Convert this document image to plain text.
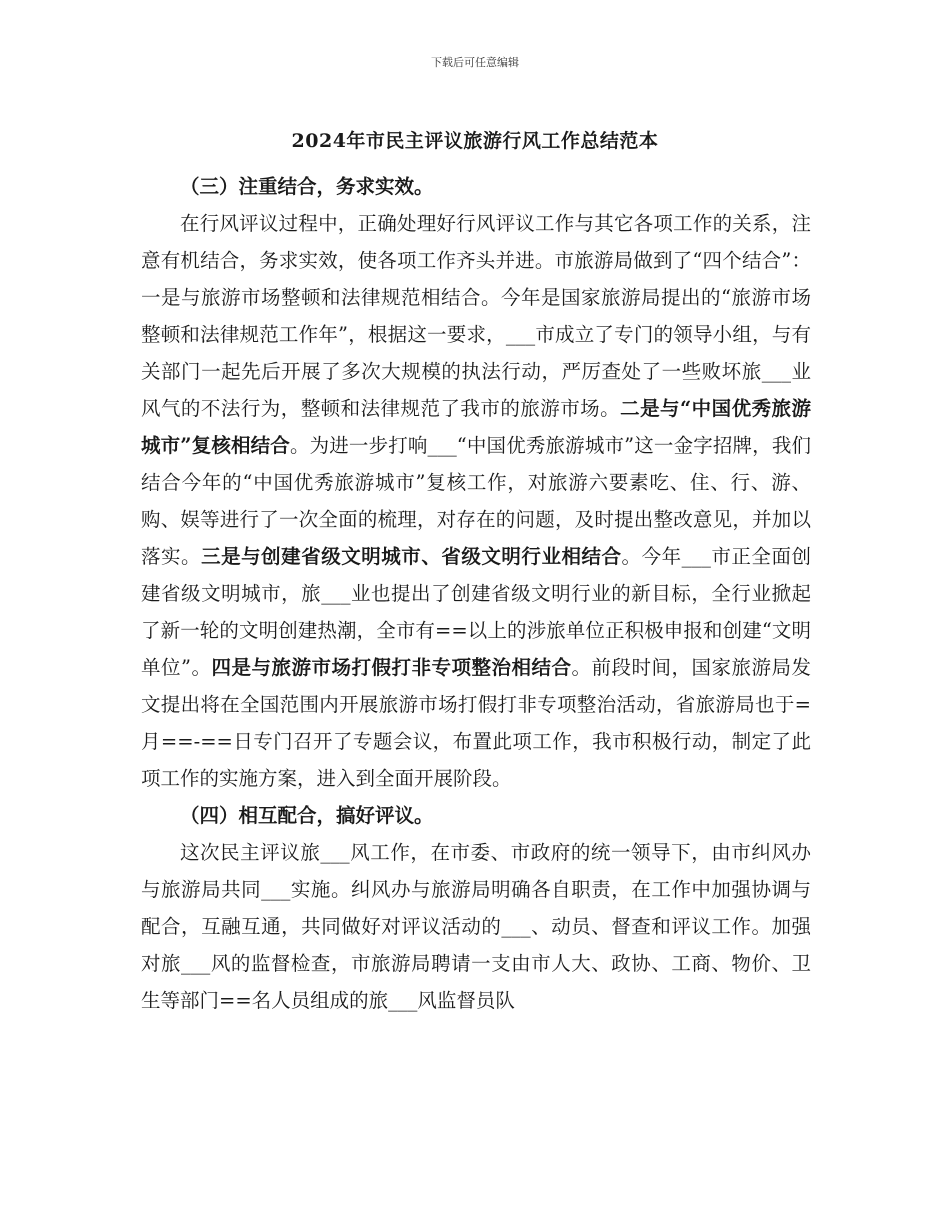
下载后可任意编辑
2024年市民主评议旅游行风工作总结范本

（三）注重结合，务求实效。

在行风评议过程中，正确处理好行风评议工作与其它各项工作的关系，注意有机结合，务求实效，使各项工作齐头并进。市旅游局做到了“四个结合”：一是与旅游市场整顿和法律规范相结合。今年是国家旅游局提出的“旅游市场整顿和法律规范工作年”，根据这一要求，___市成立了专门的领导小组，与有关部门一起先后开展了多次大规模的执法行动，严厉查处了一些败坏旅___业风气的不法行为，整顿和法律规范了我市的旅游市场。二是与“中国优秀旅游城市”复核相结合。为进一步打响___“中国优秀旅游城市”这一金字招牌，我们结合今年的“中国优秀旅游城市”复核工作，对旅游六要素吃、住、行、游、购、娱等进行了一次全面的梳理，对存在的问题，及时提出整改意见，并加以落实。三是与创建省级文明城市、省级文明行业相结合。今年___市正全面创建省级文明城市，旅___业也提出了创建省级文明行业的新目标，全行业掀起了新一轮的文明创建热潮，全市有==以上的涉旅单位正积极申报和创建“文明单位”。四是与旅游市场打假打非专项整治相结合。前段时间，国家旅游局发文提出将在全国范围内开展旅游市场打假打非专项整治活动，省旅游局也于=月==-==日专门召开了专题会议，布置此项工作，我市积极行动，制定了此项工作的实施方案，进入到全面开展阶段。

（四）相互配合，搞好评议。

这次民主评议旅___风工作，在市委、市政府的统一领导下，由市纠风办与旅游局共同___实施。纠风办与旅游局明确各自职责，在工作中加强协调与配合，互融互通，共同做好对评议活动的___、动员、督查和评议工作。加强对旅___风的监督检查，市旅游局聘请一支由市人大、政协、工商、物价、卫生等部门==名人员组成的旅___风监督员队
